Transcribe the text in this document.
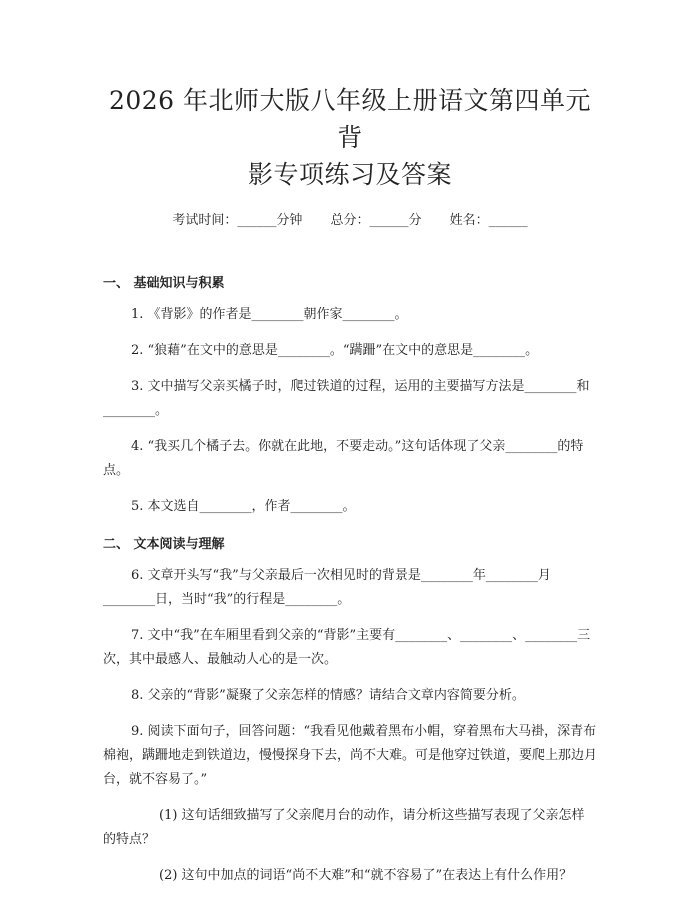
2026 年北师大版八年级上册语文第四单元背
影专项练习及答案
考试时间：______分钟 总分：______分 姓名：______

一、 基础知识与积累

1. 《背影》的作者是________朝作家________。

2. “狼藉”在文中的意思是________。“蹒跚”在文中的意思是________。

3. 文中描写父亲买橘子时，爬过铁道的过程，运用的主要描写方法是________和________。

4. “我买几个橘子去。你就在此地，不要走动。”这句话体现了父亲________的特点。

5. 本文选自________，作者________。

二、 文本阅读与理解

6. 文章开头写“我”与父亲最后一次相见时的背景是________年________月________日，当时“我”的行程是________。

7. 文中“我”在车厢里看到父亲的“背影”主要有________、________、________三次，其中最感人、最触动人心的是一次。

8. 父亲的“背影”凝聚了父亲怎样的情感？请结合文章内容简要分析。

9. 阅读下面句子，回答问题：“我看见他戴着黑布小帽，穿着黑布大马褂，深青布棉袍，蹒跚地走到铁道边，慢慢探身下去，尚不大难。可是他穿过铁道，要爬上那边月台，就不容易了。”

(1) 这句话细致描写了父亲爬月台的动作，请分析这些描写表现了父亲怎样的特点？

(2) 这句中加点的词语“尚不大难”和“就不容易了”在表达上有什么作用？
